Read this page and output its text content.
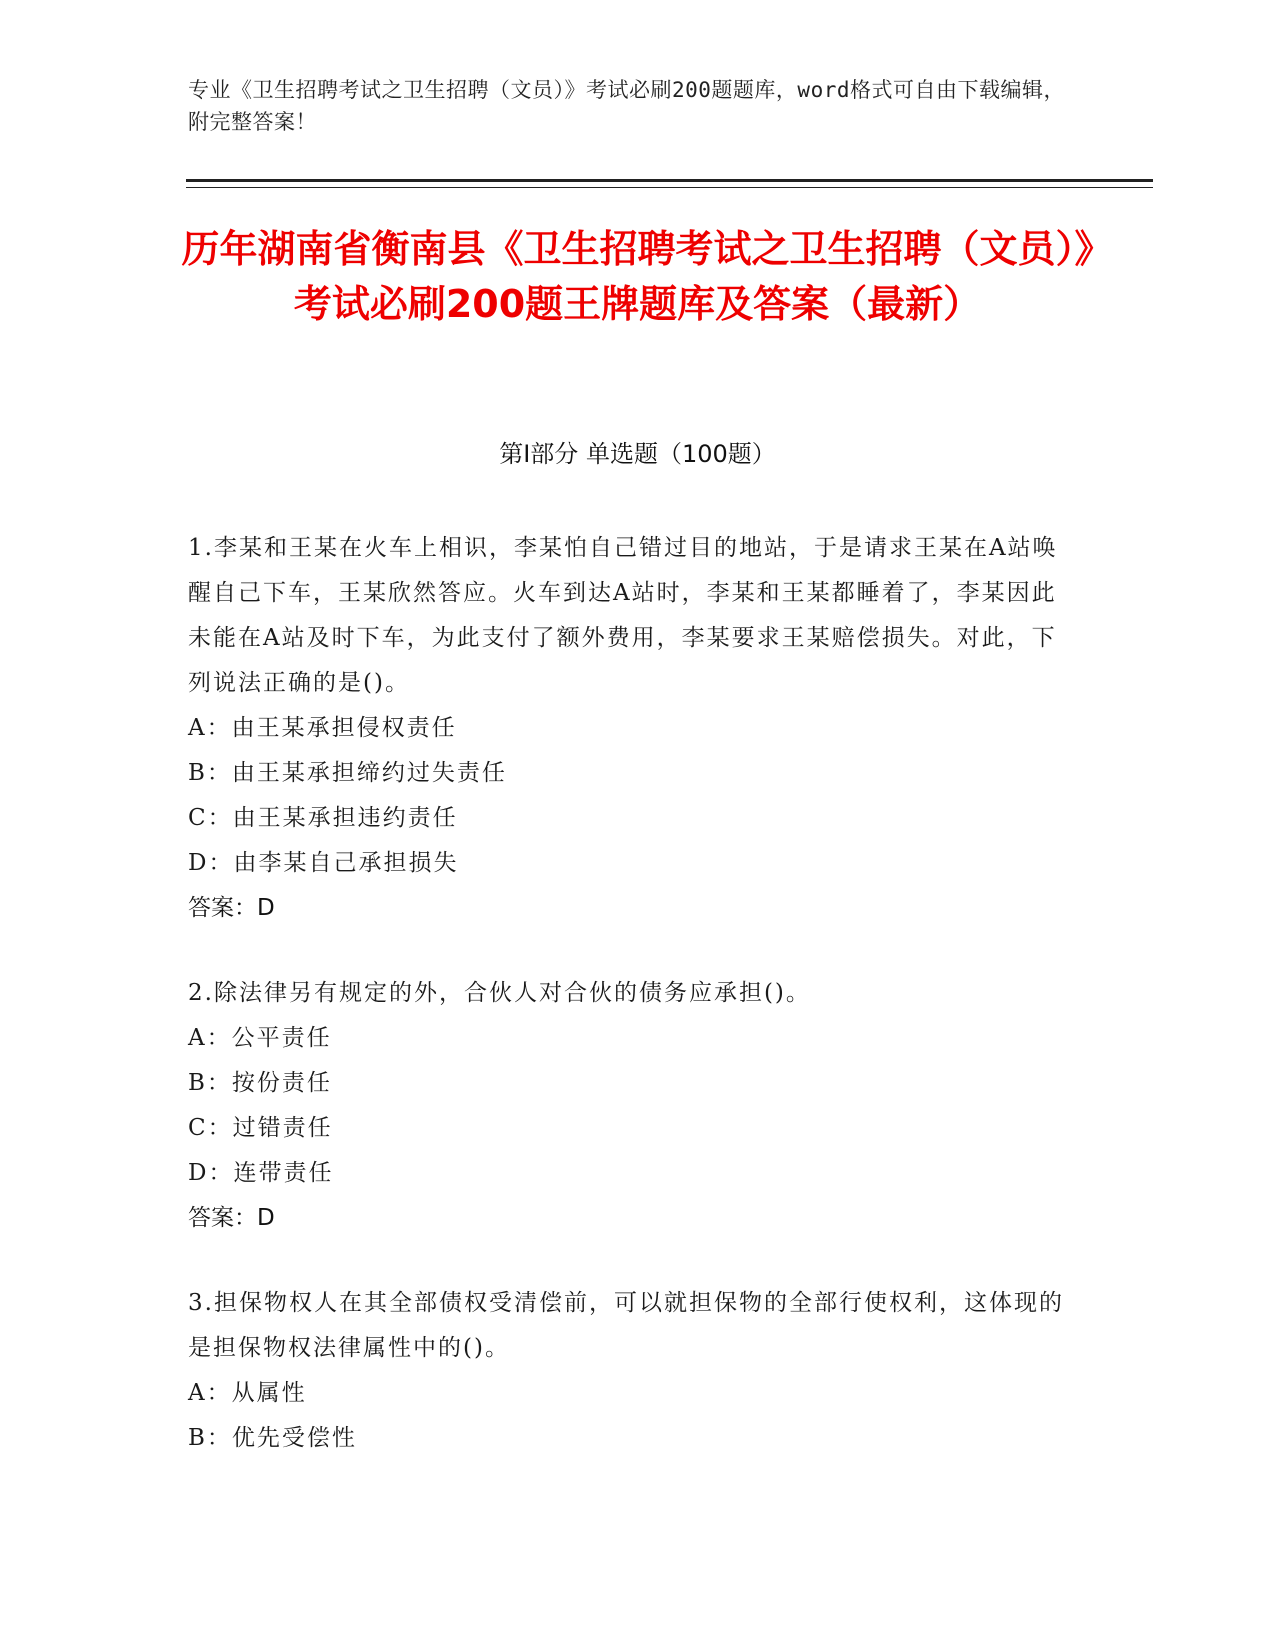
专业《卫生招聘考试之卫生招聘（文员）》考试必刷200题题库，word格式可自由下载编辑，附完整答案！
历年湖南省衡南县《卫生招聘考试之卫生招聘（文员）》考试必刷200题王牌题库及答案（最新）
第I部分 单选题（100题）

1.李某和王某在火车上相识，李某怕自己错过目的地站，于是请求王某在A站唤醒自己下车，王某欣然答应。火车到达A站时，李某和王某都睡着了，李某因此未能在A站及时下车，为此支付了额外费用，李某要求王某赔偿损失。对此，下列说法正确的是()。

A：由王某承担侵权责任

B：由王某承担缔约过失责任

C：由王某承担违约责任

D：由李某自己承担损失

答案：D

2.除法律另有规定的外，合伙人对合伙的债务应承担()。

A：公平责任

B：按份责任

C：过错责任

D：连带责任

答案：D

3.担保物权人在其全部债权受清偿前，可以就担保物的全部行使权利，这体现的是担保物权法律属性中的()。

A：从属性

B：优先受偿性
